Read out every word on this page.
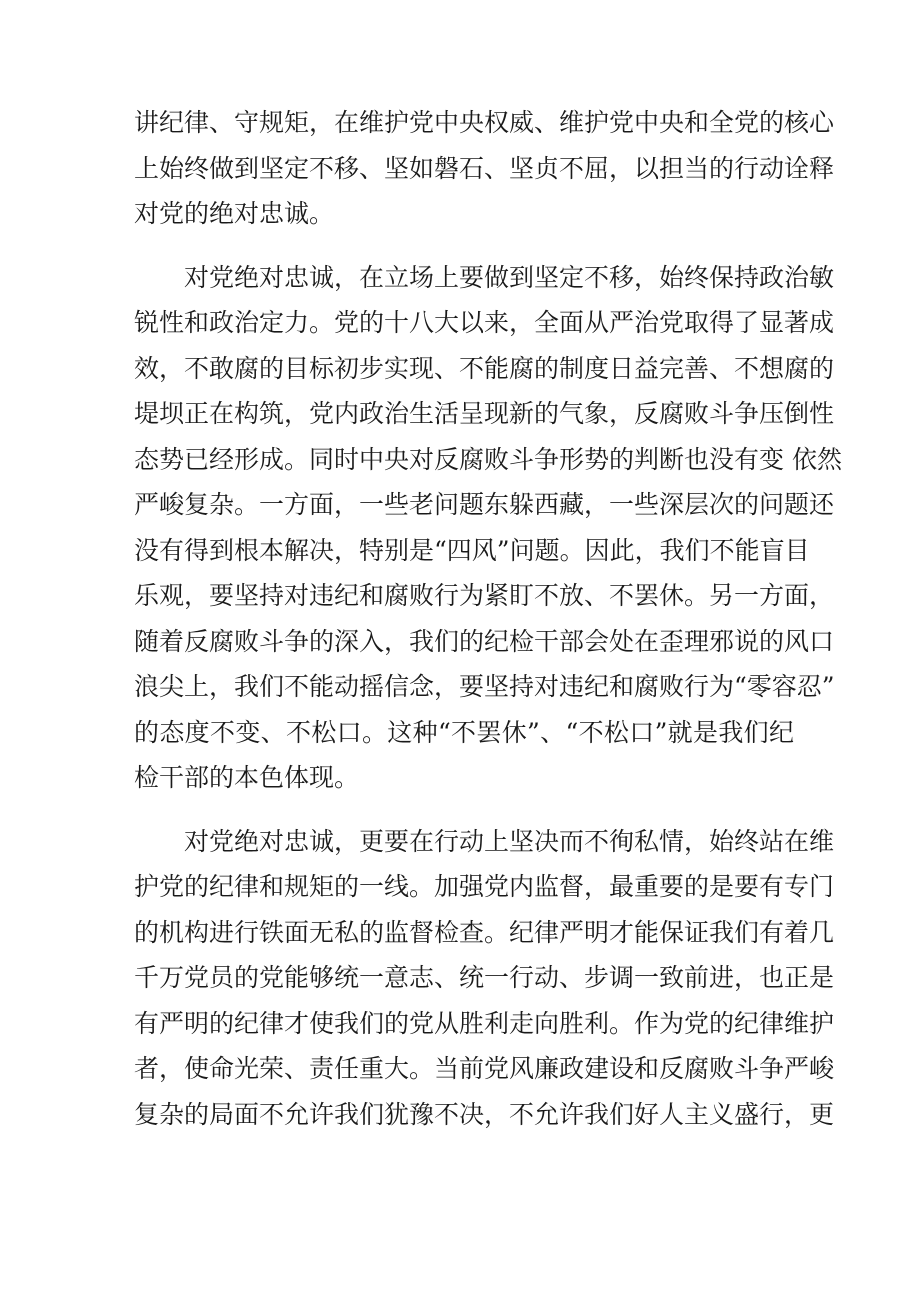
讲纪律、守规矩，在维护党中央权威、维护党中央和全党的核心
上始终做到坚定不移、坚如磐石、坚贞不屈，以担当的行动诠释
对党的绝对忠诚。
对党绝对忠诚，在立场上要做到坚定不移，始终保持政治敏
锐性和政治定力。党的十八大以来，全面从严治党取得了显著成
效，不敢腐的目标初步实现、不能腐的制度日益完善、不想腐的
堤坝正在构筑，党内政治生活呈现新的气象，反腐败斗争压倒性
态势已经形成。同时中央对反腐败斗争形势的判断也没有变 依然
严峻复杂。一方面，一些老问题东躲西藏，一些深层次的问题还
没有得到根本解决，特别是“四风”问题。因此，我们不能盲目
乐观，要坚持对违纪和腐败行为紧盯不放、不罢休。另一方面，
随着反腐败斗争的深入，我们的纪检干部会处在歪理邪说的风口
浪尖上，我们不能动摇信念，要坚持对违纪和腐败行为“零容忍”
的态度不变、不松口。这种“不罢休”、“不松口”就是我们纪
检干部的本色体现。
对党绝对忠诚，更要在行动上坚决而不徇私情，始终站在维
护党的纪律和规矩的一线。加强党内监督，最重要的是要有专门
的机构进行铁面无私的监督检查。纪律严明才能保证我们有着几
千万党员的党能够统一意志、统一行动、步调一致前进，也正是
有严明的纪律才使我们的党从胜利走向胜利。作为党的纪律维护
者，使命光荣、责任重大。当前党风廉政建设和反腐败斗争严峻
复杂的局面不允许我们犹豫不决，不允许我们好人主义盛行，更
